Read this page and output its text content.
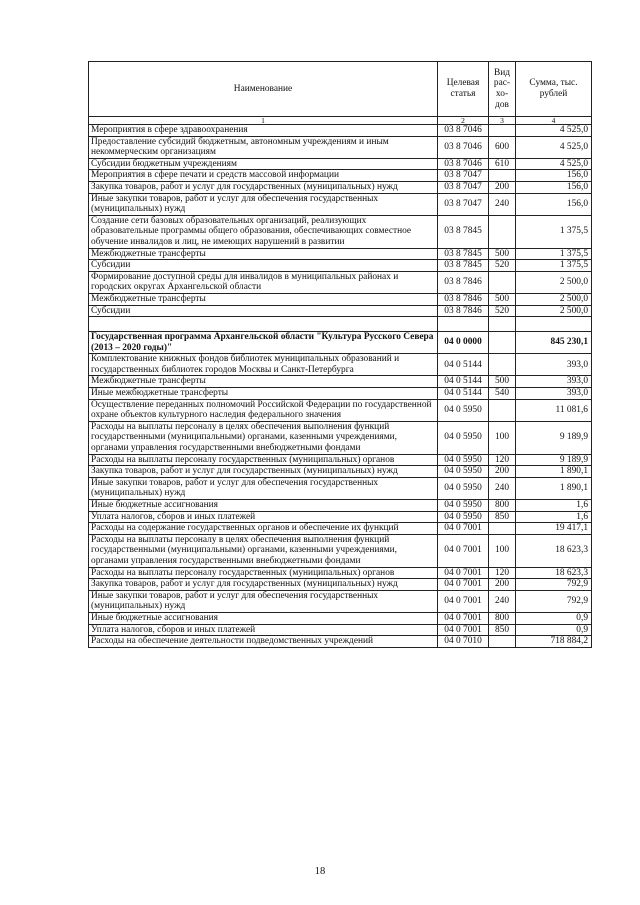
Наименование	Целевая статья	Вид рас- хо- дов	Сумма, тыс. рублей
1	2	3	4
Мероприятия в сфере здравоохранения	03 8 7046		4 525,0
Предоставление субсидий бюджетным, автономным учреждениям и иным некоммерческим организациям	03 8 7046	600	4 525,0
Субсидии бюджетным учреждениям	03 8 7046	610	4 525,0
Мероприятия в сфере печати и средств массовой информации	03 8 7047		156,0
Закупка товаров, работ и услуг для государственных (муниципальных) нужд	03 8 7047	200	156,0
Иные закупки товаров, работ и услуг для обеспечения государственных (муниципальных) нужд	03 8 7047	240	156,0
Создание сети базовых образовательных организаций, реализующих образовательные программы общего образования, обеспечивающих совместное обучение инвалидов и лиц, не имеющих нарушений в развитии	03 8 7845		1 375,5
Межбюджетные трансферты	03 8 7845	500	1 375,5
Субсидии	03 8 7845	520	1 375,5
Формирование доступной среды для инвалидов в муниципальных районах и городских округах Архангельской области	03 8 7846		2 500,0
Межбюджетные трансферты	03 8 7846	500	2 500,0
Субсидии	03 8 7846	520	2 500,0

Государственная программа Архангельской области "Культура Русского Севера (2013 – 2020 годы)"	04 0 0000		845 230,1
Комплектование книжных фондов библиотек муниципальных образований и государственных библиотек городов Москвы и Санкт-Петербурга	04 0 5144		393,0
Межбюджетные трансферты	04 0 5144	500	393,0
Иные межбюджетные трансферты	04 0 5144	540	393,0
Осуществление переданных полномочий Российской Федерации по государственной охране объектов культурного наследия федерального значения	04 0 5950		11 081,6
Расходы на выплаты персоналу в целях обеспечения выполнения функций государственными (муниципальными) органами, казенными учреждениями, органами управления государственными внебюджетными фондами	04 0 5950	100	9 189,9
Расходы на выплаты персоналу государственных (муниципальных) органов	04 0 5950	120	9 189,9
Закупка товаров, работ и услуг для государственных (муниципальных) нужд	04 0 5950	200	1 890,1
Иные закупки товаров, работ и услуг для обеспечения государственных (муниципальных) нужд	04 0 5950	240	1 890,1
Иные бюджетные ассигнования	04 0 5950	800	1,6
Уплата налогов, сборов и иных платежей	04 0 5950	850	1,6
Расходы на содержание государственных органов и обеспечение их функций	04 0 7001		19 417,1
Расходы на выплаты персоналу в целях обеспечения выполнения функций государственными (муниципальными) органами, казенными учреждениями, органами управления государственными внебюджетными фондами	04 0 7001	100	18 623,3
Расходы на выплаты персоналу государственных (муниципальных) органов	04 0 7001	120	18 623,3
Закупка товаров, работ и услуг для государственных (муниципальных) нужд	04 0 7001	200	792,9
Иные закупки товаров, работ и услуг для обеспечения государственных (муниципальных) нужд	04 0 7001	240	792,9
Иные бюджетные ассигнования	04 0 7001	800	0,9
Уплата налогов, сборов и иных платежей	04 0 7001	850	0,9
Расходы на обеспечение деятельности подведомственных учреждений	04 0 7010		718 884,2
18
